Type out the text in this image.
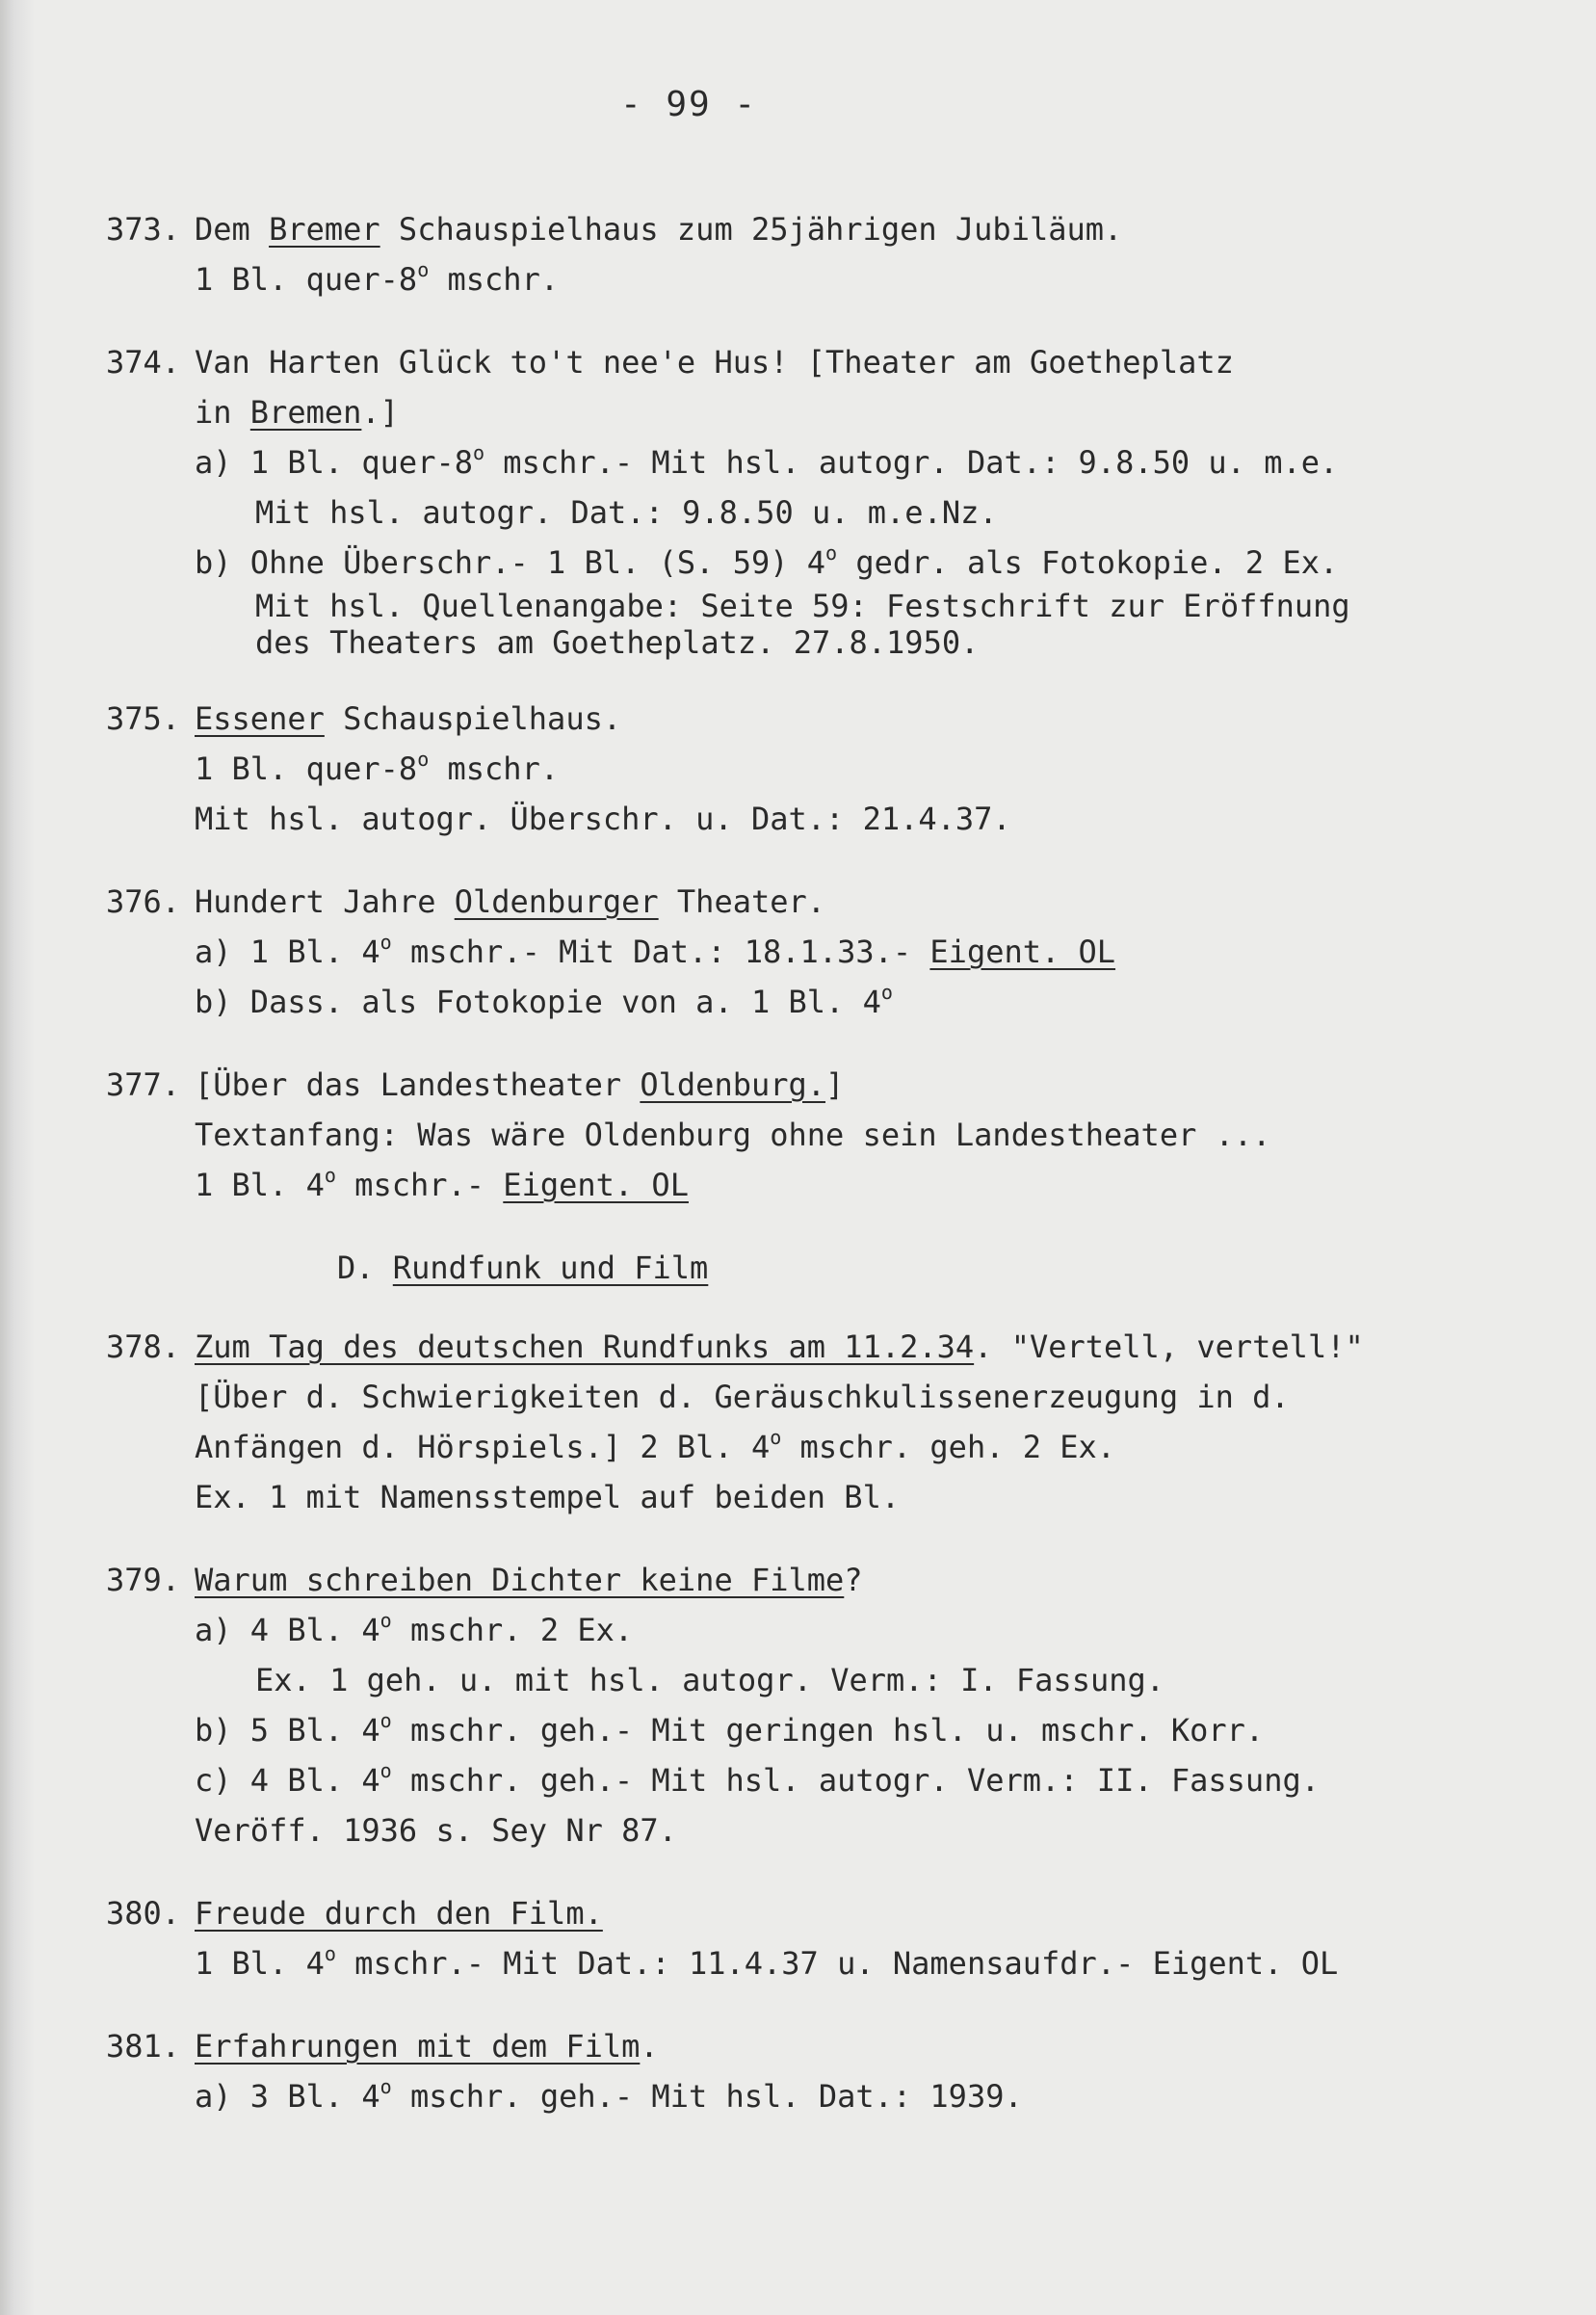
- 99 -
373. Dem Bremer Schauspielhaus zum 25jährigen Jubiläum.
1 Bl. quer-8$^o$ mschr.
374. Van Harten Glück to't nee'e Hus! [Theater am Goetheplatz
in Bremen.]
a) 1 Bl. quer-8$^o$ mschr.- Mit hsl. autogr. Dat.: 9.8.50 u. m.e.
Mit hsl. autogr. Dat.: 9.8.50 u. m.e.Nz.
b) Ohne Überschr.- 1 Bl. (S. 59) 4$^o$ gedr. als Fotokopie. 2 Ex.
Mit hsl. Quellenangabe: Seite 59: Festschrift zur Eröffnung
des Theaters am Goetheplatz. 27.8.1950.
375. Essener Schauspielhaus.
1 Bl. quer-8$^o$ mschr.
Mit hsl. autogr. Überschr. u. Dat.: 21.4.37.
376. Hundert Jahre Oldenburger Theater.
a) 1 Bl. 4$^o$ mschr.- Mit Dat.: 18.1.33.- Eigent. OL
b) Dass. als Fotokopie von a. 1 Bl. 4$^o$
377. [Über das Landestheater Oldenburg.]
Textanfang: Was wäre Oldenburg ohne sein Landestheater ...
1 Bl. 4$^o$ mschr.- Eigent. OL
D. Rundfunk und Film
378. Zum Tag des deutschen Rundfunks am 11.2.34. "Vertell, vertell!"
[Über d. Schwierigkeiten d. Geräuschkulissenerzeugung in d.
Anfängen d. Hörspiels.] 2 Bl. 4$^o$ mschr. geh. 2 Ex.
Ex. 1 mit Namensstempel auf beiden Bl.
379. Warum schreiben Dichter keine Filme?
a) 4 Bl. 4$^o$ mschr. 2 Ex.
Ex. 1 geh. u. mit hsl. autogr. Verm.: I. Fassung.
b) 5 Bl. 4$^o$ mschr. geh.- Mit geringen hsl. u. mschr. Korr.
c) 4 Bl. 4$^o$ mschr. geh.- Mit hsl. autogr. Verm.: II. Fassung.
Veröff. 1936 s. Sey Nr 87.
380. Freude durch den Film.
1 Bl. 4$^o$ mschr.- Mit Dat.: 11.4.37 u. Namensaufdr.- Eigent. OL
381. Erfahrungen mit dem Film.
a) 3 Bl. 4$^o$ mschr. geh.- Mit hsl. Dat.: 1939.
